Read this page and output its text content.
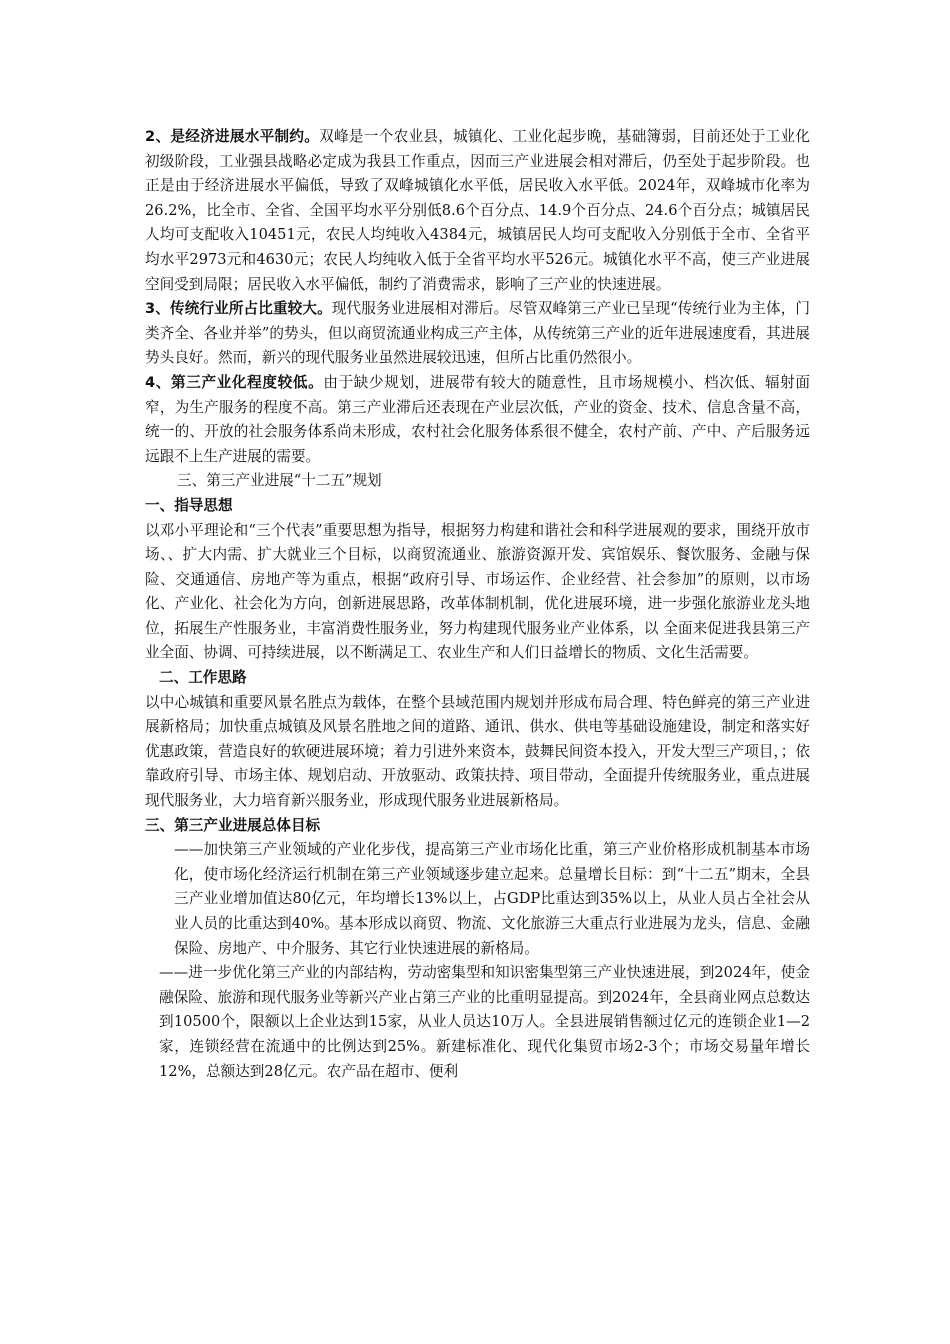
2、是经济进展水平制约。双峰是一个农业县，城镇化、工业化起步晚，基础簿弱，目前还处于工业化初级阶段，工业强县战略必定成为我县工作重点，因而三产业进展会相对滞后，仍至处于起步阶段。也正是由于经济进展水平偏低，导致了双峰城镇化水平低，居民收入水平低。2024年，双峰城市化率为26.2%，比全市、全省、全国平均水平分别低8.6个百分点、14.9个百分点、24.6个百分点；城镇居民人均可支配收入10451元，农民人均纯收入4384元，城镇居民人均可支配收入分别低于全市、全省平均水平2973元和4630元；农民人均纯收入低于全省平均水平526元。城镇化水平不高，使三产业进展空间受到局限；居民收入水平偏低，制约了消费需求，影响了三产业的快速进展。

3、传统行业所占比重较大。现代服务业进展相对滞后。尽管双峰第三产业已呈现“传统行业为主体，门类齐全、各业并举”的势头，但以商贸流通业构成三产主体，从传统第三产业的近年进展速度看，其进展势头良好。然而，新兴的现代服务业虽然进展较迅速，但所占比重仍然很小。

4、第三产业化程度较低。由于缺少规划，进展带有较大的随意性，且市场规模小、档次低、辐射面窄，为生产服务的程度不高。第三产业滞后还表现在产业层次低，产业的资金、技术、信息含量不高，统一的、开放的社会服务体系尚未形成，农村社会化服务体系很不健全，农村产前、产中、产后服务远远跟不上生产进展的需要。

三、第三产业进展“十二五”规划

一、指导思想

以邓小平理论和“三个代表”重要思想为指导，根据努力构建和谐社会和科学进展观的要求，围绕开放市场、、扩大内需、扩大就业三个目标，以商贸流通业、旅游资源开发、宾馆娱乐、餐饮服务、金融与保险、交通通信、房地产等为重点，根据“政府引导、市场运作、企业经营、社会参加”的原则，以市场化、产业化、社会化为方向，创新进展思路，改革体制机制，优化进展环境，进一步强化旅游业龙头地位，拓展生产性服务业，丰富消费性服务业，努力构建现代服务业产业体系，以 全面来促进我县第三产业全面、协调、可持续进展，以不断满足工、农业生产和人们日益增长的物质、文化生活需要。

二、工作思路

以中心城镇和重要风景名胜点为载体，在整个县域范围内规划并形成布局合理、特色鲜亮的第三产业进展新格局；加快重点城镇及风景名胜地之间的道路、通讯、供水、供电等基础设施建设，制定和落实好优惠政策，营造良好的软硬进展环境；着力引进外来资本，鼓舞民间资本投入，开发大型三产项目，；依靠政府引导、市场主体、规划启动、开放驱动、政策扶持、项目带动，全面提升传统服务业，重点进展现代服务业，大力培育新兴服务业，形成现代服务业进展新格局。

三、第三产业进展总体目标

——加快第三产业领域的产业化步伐，提高第三产业市场化比重，第三产业价格形成机制基本市场化，使市场化经济运行机制在第三产业领域逐步建立起来。总量增长目标：到“十二五”期末，全县三产业业增加值达80亿元，年均增长13%以上，占GDP比重达到35%以上，从业人员占全社会从业人员的比重达到40%。基本形成以商贸、物流、文化旅游三大重点行业进展为龙头，信息、金融保险、房地产、中介服务、其它行业快速进展的新格局。

——进一步优化第三产业的内部结构，劳动密集型和知识密集型第三产业快速进展，到2024年，使金融保险、旅游和现代服务业等新兴产业占第三产业的比重明显提高。到2024年，全县商业网点总数达到10500个，限额以上企业达到15家，从业人员达10万人。全县进展销售额过亿元的连锁企业1—2家，连锁经营在流通中的比例达到25%。新建标准化、现代化集贸市场2-3个；市场交易量年增长12%，总额达到28亿元。农产品在超市、便利
